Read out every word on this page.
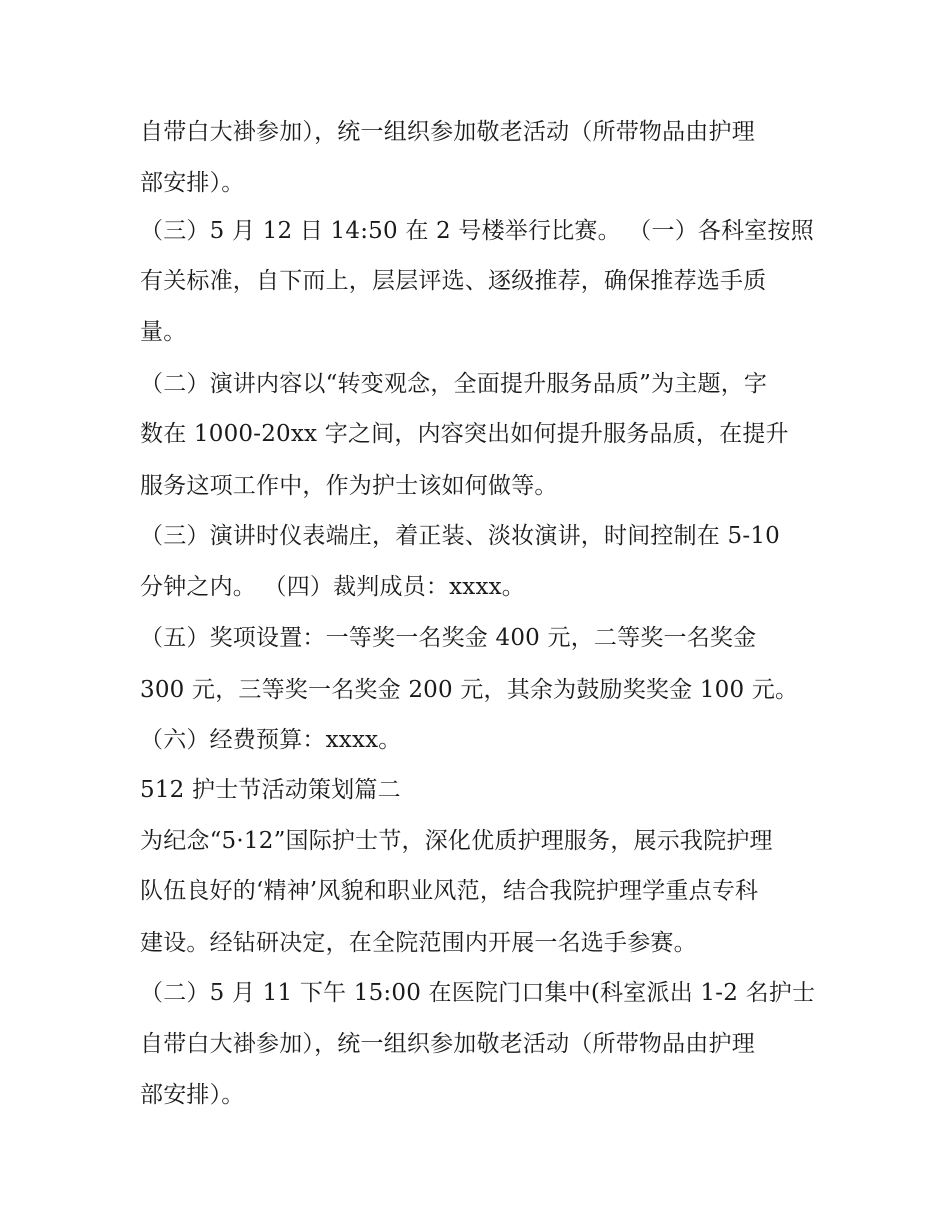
自带白大褂参加），统一组织参加敬老活动（所带物品由护理
部安排）。
（三）5 月 12 日 14:50 在 2 号楼举行比赛。 （一）各科室按照
有关标准，自下而上，层层评选、逐级推荐，确保推荐选手质
量。
（二）演讲内容以“转变观念，全面提升服务品质”为主题，字
数在 1000-20xx 字之间，内容突出如何提升服务品质，在提升
服务这项工作中，作为护士该如何做等。
（三）演讲时仪表端庄，着正装、淡妆演讲，时间控制在 5-10
分钟之内。 （四）裁判成员：xxxx。
（五）奖项设置：一等奖一名奖金 400 元，二等奖一名奖金
300 元，三等奖一名奖金 200 元，其余为鼓励奖奖金 100 元。
（六）经费预算：xxxx。
512 护士节活动策划篇二
为纪念“5·12”国际护士节，深化优质护理服务，展示我院护理
队伍良好的‘精神’风貌和职业风范，结合我院护理学重点专科
建设。经钻研决定，在全院范围内开展一名选手参赛。
（二）5 月 11 下午 15:00 在医院门口集中(科室派出 1-2 名护士
自带白大褂参加），统一组织参加敬老活动（所带物品由护理
部安排）。
